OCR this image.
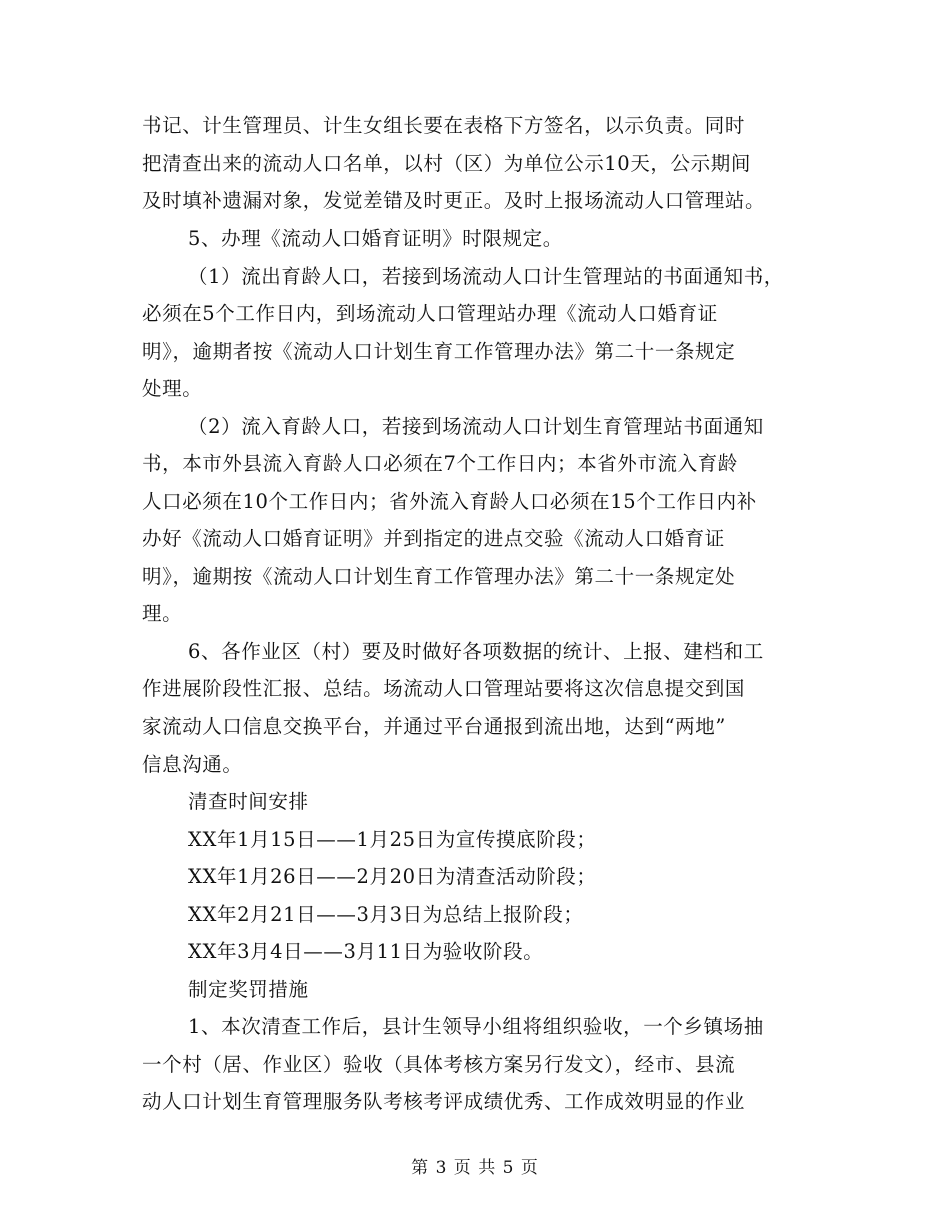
书记、计生管理员、计生女组长要在表格下方签名，以示负责。同时
把清查出来的流动人口名单，以村（区）为单位公示10天，公示期间
及时填补遗漏对象，发觉差错及时更正。及时上报场流动人口管理站。
5、办理《流动人口婚育证明》时限规定。
（1）流出育龄人口，若接到场流动人口计生管理站的书面通知书，
必须在5个工作日内，到场流动人口管理站办理《流动人口婚育证
明》，逾期者按《流动人口计划生育工作管理办法》第二十一条规定
处理。
（2）流入育龄人口，若接到场流动人口计划生育管理站书面通知
书，本市外县流入育龄人口必须在7个工作日内；本省外市流入育龄
人口必须在10个工作日内；省外流入育龄人口必须在15个工作日内补
办好《流动人口婚育证明》并到指定的进点交验《流动人口婚育证
明》，逾期按《流动人口计划生育工作管理办法》第二十一条规定处
理。
6、各作业区（村）要及时做好各项数据的统计、上报、建档和工
作进展阶段性汇报、总结。场流动人口管理站要将这次信息提交到国
家流动人口信息交换平台，并通过平台通报到流出地，达到“两地”
信息沟通。
清查时间安排
XX年1月15日——1月25日为宣传摸底阶段；
XX年1月26日——2月20日为清查活动阶段；
XX年2月21日——3月3日为总结上报阶段；
XX年3月4日——3月11日为验收阶段。
制定奖罚措施
1、本次清查工作后，县计生领导小组将组织验收，一个乡镇场抽
一个村（居、作业区）验收（具体考核方案另行发文），经市、县流
动人口计划生育管理服务队考核考评成绩优秀、工作成效明显的作业
第 3 页 共 5 页
